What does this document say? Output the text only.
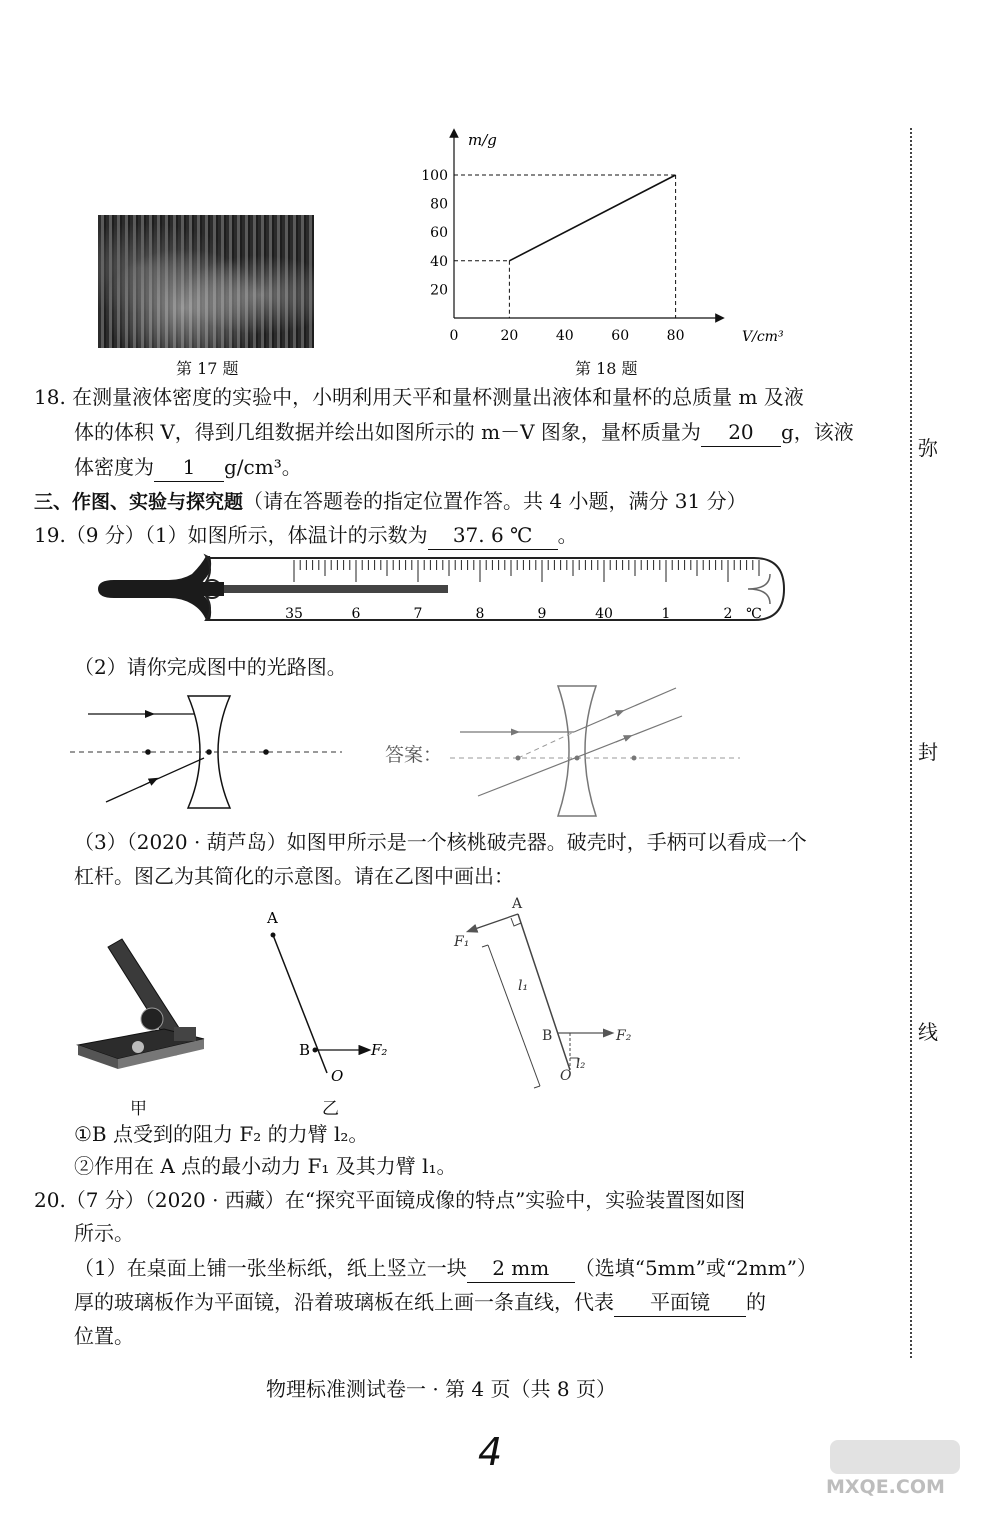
弥
封
线
第 17 题
20
40
60
80
100
0	20	40	60	80
m/g
V/cm³
第 18 题
18. 在测量液体密度的实验中，小明利用天平和量杯测量出液体和量杯的总质量 m 及液
体的体积 V，得到几组数据并绘出如图所示的 m－V 图象，量杯质量为 20 g，该液
体密度为 1 g/cm³。
三、作图、实验与探究题（请在答题卷的指定位置作答。共 4 小题，满分 31 分）
19.（9 分）（1）如图所示，体温计的示数为 37. 6 ℃ 。
35	6	7	8	9	40	1	2 ℃
（2）请你完成图中的光路图。
答案：
（3）（2020 · 葫芦岛）如图甲所示是一个核桃破壳器。破壳时，手柄可以看成一个
杠杆。图乙为其简化的示意图。请在乙图中画出：
甲
A
B
O
F₂
乙
A
F₁
l₁
B	F₂
l₂
O
①B 点受到的阻力 F₂ 的力臂 l₂。
②作用在 A 点的最小动力 F₁ 及其力臂 l₁。
20.（7 分）（2020 · 西藏）在“探究平面镜成像的特点”实验中，实验装置图如图
所示。
（1）在桌面上铺一张坐标纸，纸上竖立一块 2 mm （选填“5mm”或“2mm”）
厚的玻璃板作为平面镜，沿着玻璃板在纸上画一条直线，代表 平面镜 的
位置。
物理标准测试卷一 · 第 4 页（共 8 页）
4
MXQE.COM
